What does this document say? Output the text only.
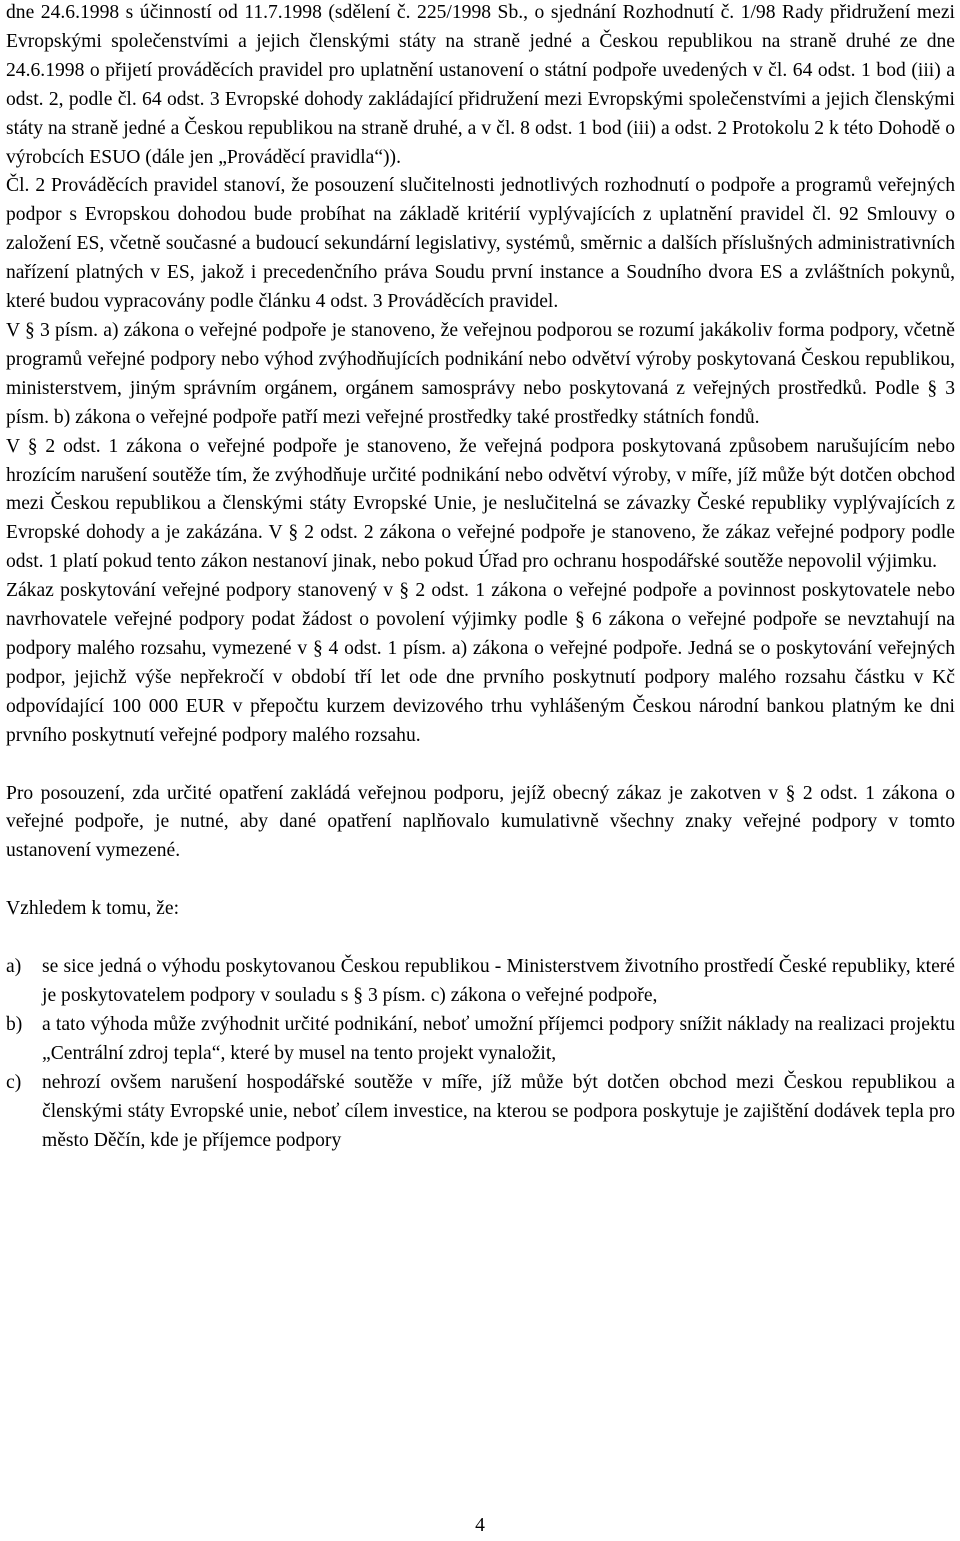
dne 24.6.1998 s účinností od 11.7.1998 (sdělení č. 225/1998 Sb., o sjednání Rozhodnutí č. 1/98 Rady přidružení mezi Evropskými společenstvími a jejich členskými státy na straně jedné a Českou republikou na straně druhé ze dne 24.6.1998 o přijetí prováděcích pravidel pro uplatnění ustanovení o státní podpoře uvedených v čl. 64 odst. 1 bod (iii) a odst. 2, podle čl. 64 odst. 3 Evropské dohody zakládající přidružení mezi Evropskými společenstvími a jejich členskými státy na straně jedné a Českou republikou na straně druhé, a v čl. 8 odst. 1 bod (iii) a odst. 2 Protokolu 2 k této Dohodě o výrobcích ESUO (dále jen „Prováděcí pravidla“)).

Čl. 2 Prováděcích pravidel stanoví, že posouzení slučitelnosti jednotlivých rozhodnutí o podpoře a programů veřejných podpor s Evropskou dohodou bude probíhat na základě kritérií vyplývajících z uplatnění pravidel čl. 92 Smlouvy o založení ES, včetně současné a budoucí sekundární legislativy, systémů, směrnic a dalších příslušných administrativních nařízení platných v ES, jakož i precedenčního práva Soudu první instance a Soudního dvora ES a zvláštních pokynů, které budou vypracovány podle článku 4 odst. 3 Prováděcích pravidel.

V § 3 písm. a) zákona o veřejné podpoře je stanoveno, že veřejnou podporou se rozumí jakákoliv forma podpory, včetně programů veřejné podpory nebo výhod zvýhodňujících podnikání nebo odvětví výroby poskytovaná Českou republikou, ministerstvem, jiným správním orgánem, orgánem samosprávy nebo poskytovaná z veřejných prostředků. Podle § 3 písm. b) zákona o veřejné podpoře patří mezi veřejné prostředky také prostředky státních fondů.

V § 2 odst. 1 zákona o veřejné podpoře je stanoveno, že veřejná podpora poskytovaná způsobem narušujícím nebo hrozícím narušení soutěže tím, že zvýhodňuje určité podnikání nebo odvětví výroby, v míře, jíž může být dotčen obchod mezi Českou republikou a členskými státy Evropské Unie, je neslučitelná se závazky České republiky vyplývajících z Evropské dohody a je zakázána. V § 2 odst. 2 zákona o veřejné podpoře je stanoveno, že zákaz veřejné podpory podle odst. 1 platí pokud tento zákon nestanoví jinak, nebo pokud Úřad pro ochranu hospodářské soutěže nepovolil výjimku.

Zákaz poskytování veřejné podpory stanovený v § 2 odst. 1 zákona o veřejné podpoře a povinnost poskytovatele nebo navrhovatele veřejné podpory podat žádost o povolení výjimky podle § 6 zákona o veřejné podpoře se nevztahují na podpory malého rozsahu, vymezené v § 4 odst. 1 písm. a) zákona o veřejné podpoře. Jedná se o poskytování veřejných podpor, jejichž výše nepřekročí v období tří let ode dne prvního poskytnutí podpory malého rozsahu částku v Kč odpovídající 100 000 EUR v přepočtu kurzem devizového trhu vyhlášeným Českou národní bankou platným ke dni prvního poskytnutí veřejné podpory malého rozsahu.

Pro posouzení, zda určité opatření zakládá veřejnou podporu, jejíž obecný zákaz je zakotven v § 2 odst. 1 zákona o veřejné podpoře, je nutné, aby dané opatření naplňovalo kumulativně všechny znaky veřejné podpory v tomto ustanovení vymezené.

Vzhledem k tomu, že:

a) se sice jedná o výhodu poskytovanou Českou republikou - Ministerstvem životního prostředí České republiky, které je poskytovatelem podpory v souladu s § 3 písm. c) zákona o veřejné podpoře,
b) a tato výhoda může zvýhodnit určité podnikání, neboť umožní příjemci podpory snížit náklady na realizaci projektu „Centrální zdroj tepla“, které by musel na tento projekt vynaložit,
c) nehrozí ovšem narušení hospodářské soutěže v míře, jíž může být dotčen obchod mezi Českou republikou a členskými státy Evropské unie, neboť cílem investice, na kterou se podpora poskytuje je zajištění dodávek tepla pro město Děčín, kde je příjemce podpory
4
